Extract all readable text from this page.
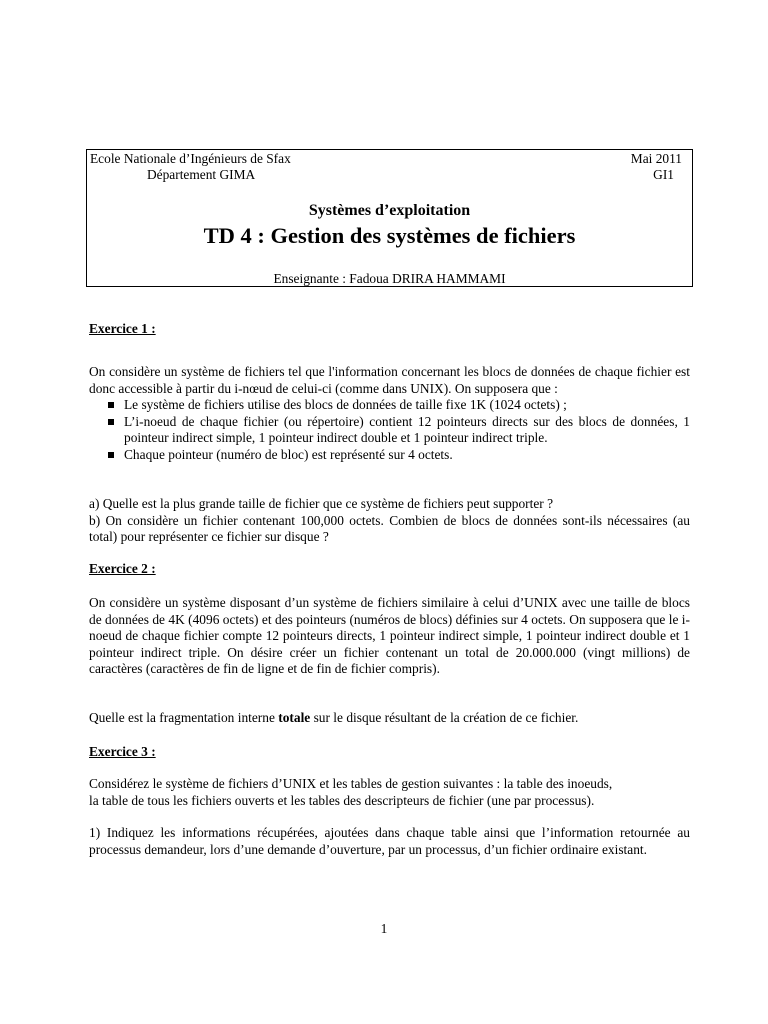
Ecole Nationale d’Ingénieurs de Sfax	Mai 2011
Département GIMA	GI1
Systèmes d’exploitation
TD 4 : Gestion des systèmes de fichiers
Enseignante : Fadoua DRIRA HAMMAMI
Exercice 1 :
On considère un système de fichiers tel que l'information concernant les blocs de données de chaque fichier est donc accessible à partir du i-nœud de celui-ci (comme dans UNIX). On supposera que :
Le système de fichiers utilise des blocs de données de taille fixe 1K (1024 octets) ;
L’i-noeud de chaque fichier (ou répertoire) contient 12 pointeurs directs sur des blocs de données, 1 pointeur indirect simple, 1 pointeur indirect double et 1 pointeur indirect triple.
Chaque pointeur (numéro de bloc) est représenté sur 4 octets.
a) Quelle est la plus grande taille de fichier que ce système de fichiers peut supporter ?
b) On considère un fichier contenant 100,000 octets. Combien de blocs de données sont-ils nécessaires (au total) pour représenter ce fichier sur disque ?
Exercice 2 :
On considère un système disposant d’un système de fichiers similaire à celui d’UNIX avec une taille de blocs de données de 4K (4096 octets) et des pointeurs (numéros de blocs) définies sur 4 octets. On supposera que le i-noeud de chaque fichier compte 12 pointeurs directs, 1 pointeur indirect simple, 1 pointeur indirect double et 1 pointeur indirect triple. On désire créer un fichier contenant un total de 20.000.000 (vingt millions) de caractères (caractères de fin de ligne et de fin de fichier compris).
Quelle est la fragmentation interne totale sur le disque résultant de la création de ce fichier.
Exercice 3 :
Considérez le système de fichiers d’UNIX et les tables de gestion suivantes : la table des inoeuds,
la table de tous les fichiers ouverts et les tables des descripteurs de fichier (une par processus).
1) Indiquez les informations récupérées, ajoutées dans chaque table ainsi que l’information retournée au processus demandeur, lors d’une demande d’ouverture, par un processus, d’un fichier ordinaire existant.
1
